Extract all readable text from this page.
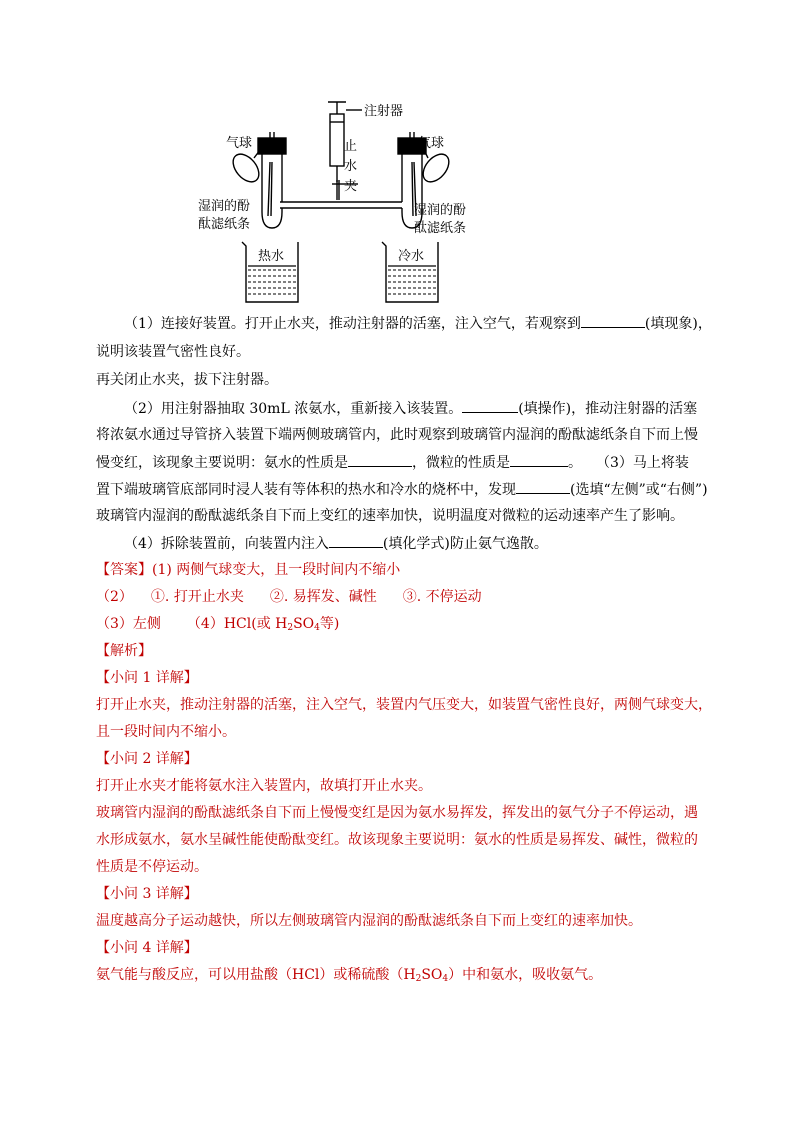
注射器
止
水
夹
气球	气球
湿润的酚
酞滤纸条
湿润的酚
酞滤纸条
热水	冷水
（1）连接好装置。打开止水夹，推动注射器的活塞，注入空气，若观察到	(填现象)，
说明该装置气密性良好。
再关闭止水夹，拔下注射器。
（2）用注射器抽取 30mL 浓氨水，重新接入该装置。	(填操作)，推动注射器的活塞
将浓氨水通过导管挤入装置下端两侧玻璃管内，此时观察到玻璃管内湿润的酚酞滤纸条自下而上慢
慢变红，该现象主要说明：氨水的性质是	，微粒的性质是	。 （3）马上将装
置下端玻璃管底部同时浸人装有等体积的热水和冷水的烧杯中，发现	(选填“左侧”或“右侧”)
玻璃管内湿润的酚酞滤纸条自下而上变红的速率加快，说明温度对微粒的运动速率产生了影响。
（4）拆除装置前，向装置内注入	(填化学式)防止氨气逸散。
【答案】(1) 两侧气球变大，且一段时间内不缩小
（2） ①. 打开止水夹 ②. 易挥发、碱性 ③. 不停运动
（3）左侧 （4）HCl(或 $H_2SO_4$等)
【解析】
【小问 1 详解】
打开止水夹，推动注射器的活塞，注入空气，装置内气压变大，如装置气密性良好，两侧气球变大，
且一段时间内不缩小。
【小问 2 详解】
打开止水夹才能将氨水注入装置内，故填打开止水夹。
玻璃管内湿润的酚酞滤纸条自下而上慢慢变红是因为氨水易挥发，挥发出的氨气分子不停运动，遇
水形成氨水，氨水呈碱性能使酚酞变红。故该现象主要说明：氨水的性质是易挥发、碱性，微粒的
性质是不停运动。
【小问 3 详解】
温度越高分子运动越快，所以左侧玻璃管内湿润的酚酞滤纸条自下而上变红的速率加快。
【小问 4 详解】
氨气能与酸反应，可以用盐酸（HCl）或稀硫酸$(H_2SO_4)$中和氨水，吸收氨气。
